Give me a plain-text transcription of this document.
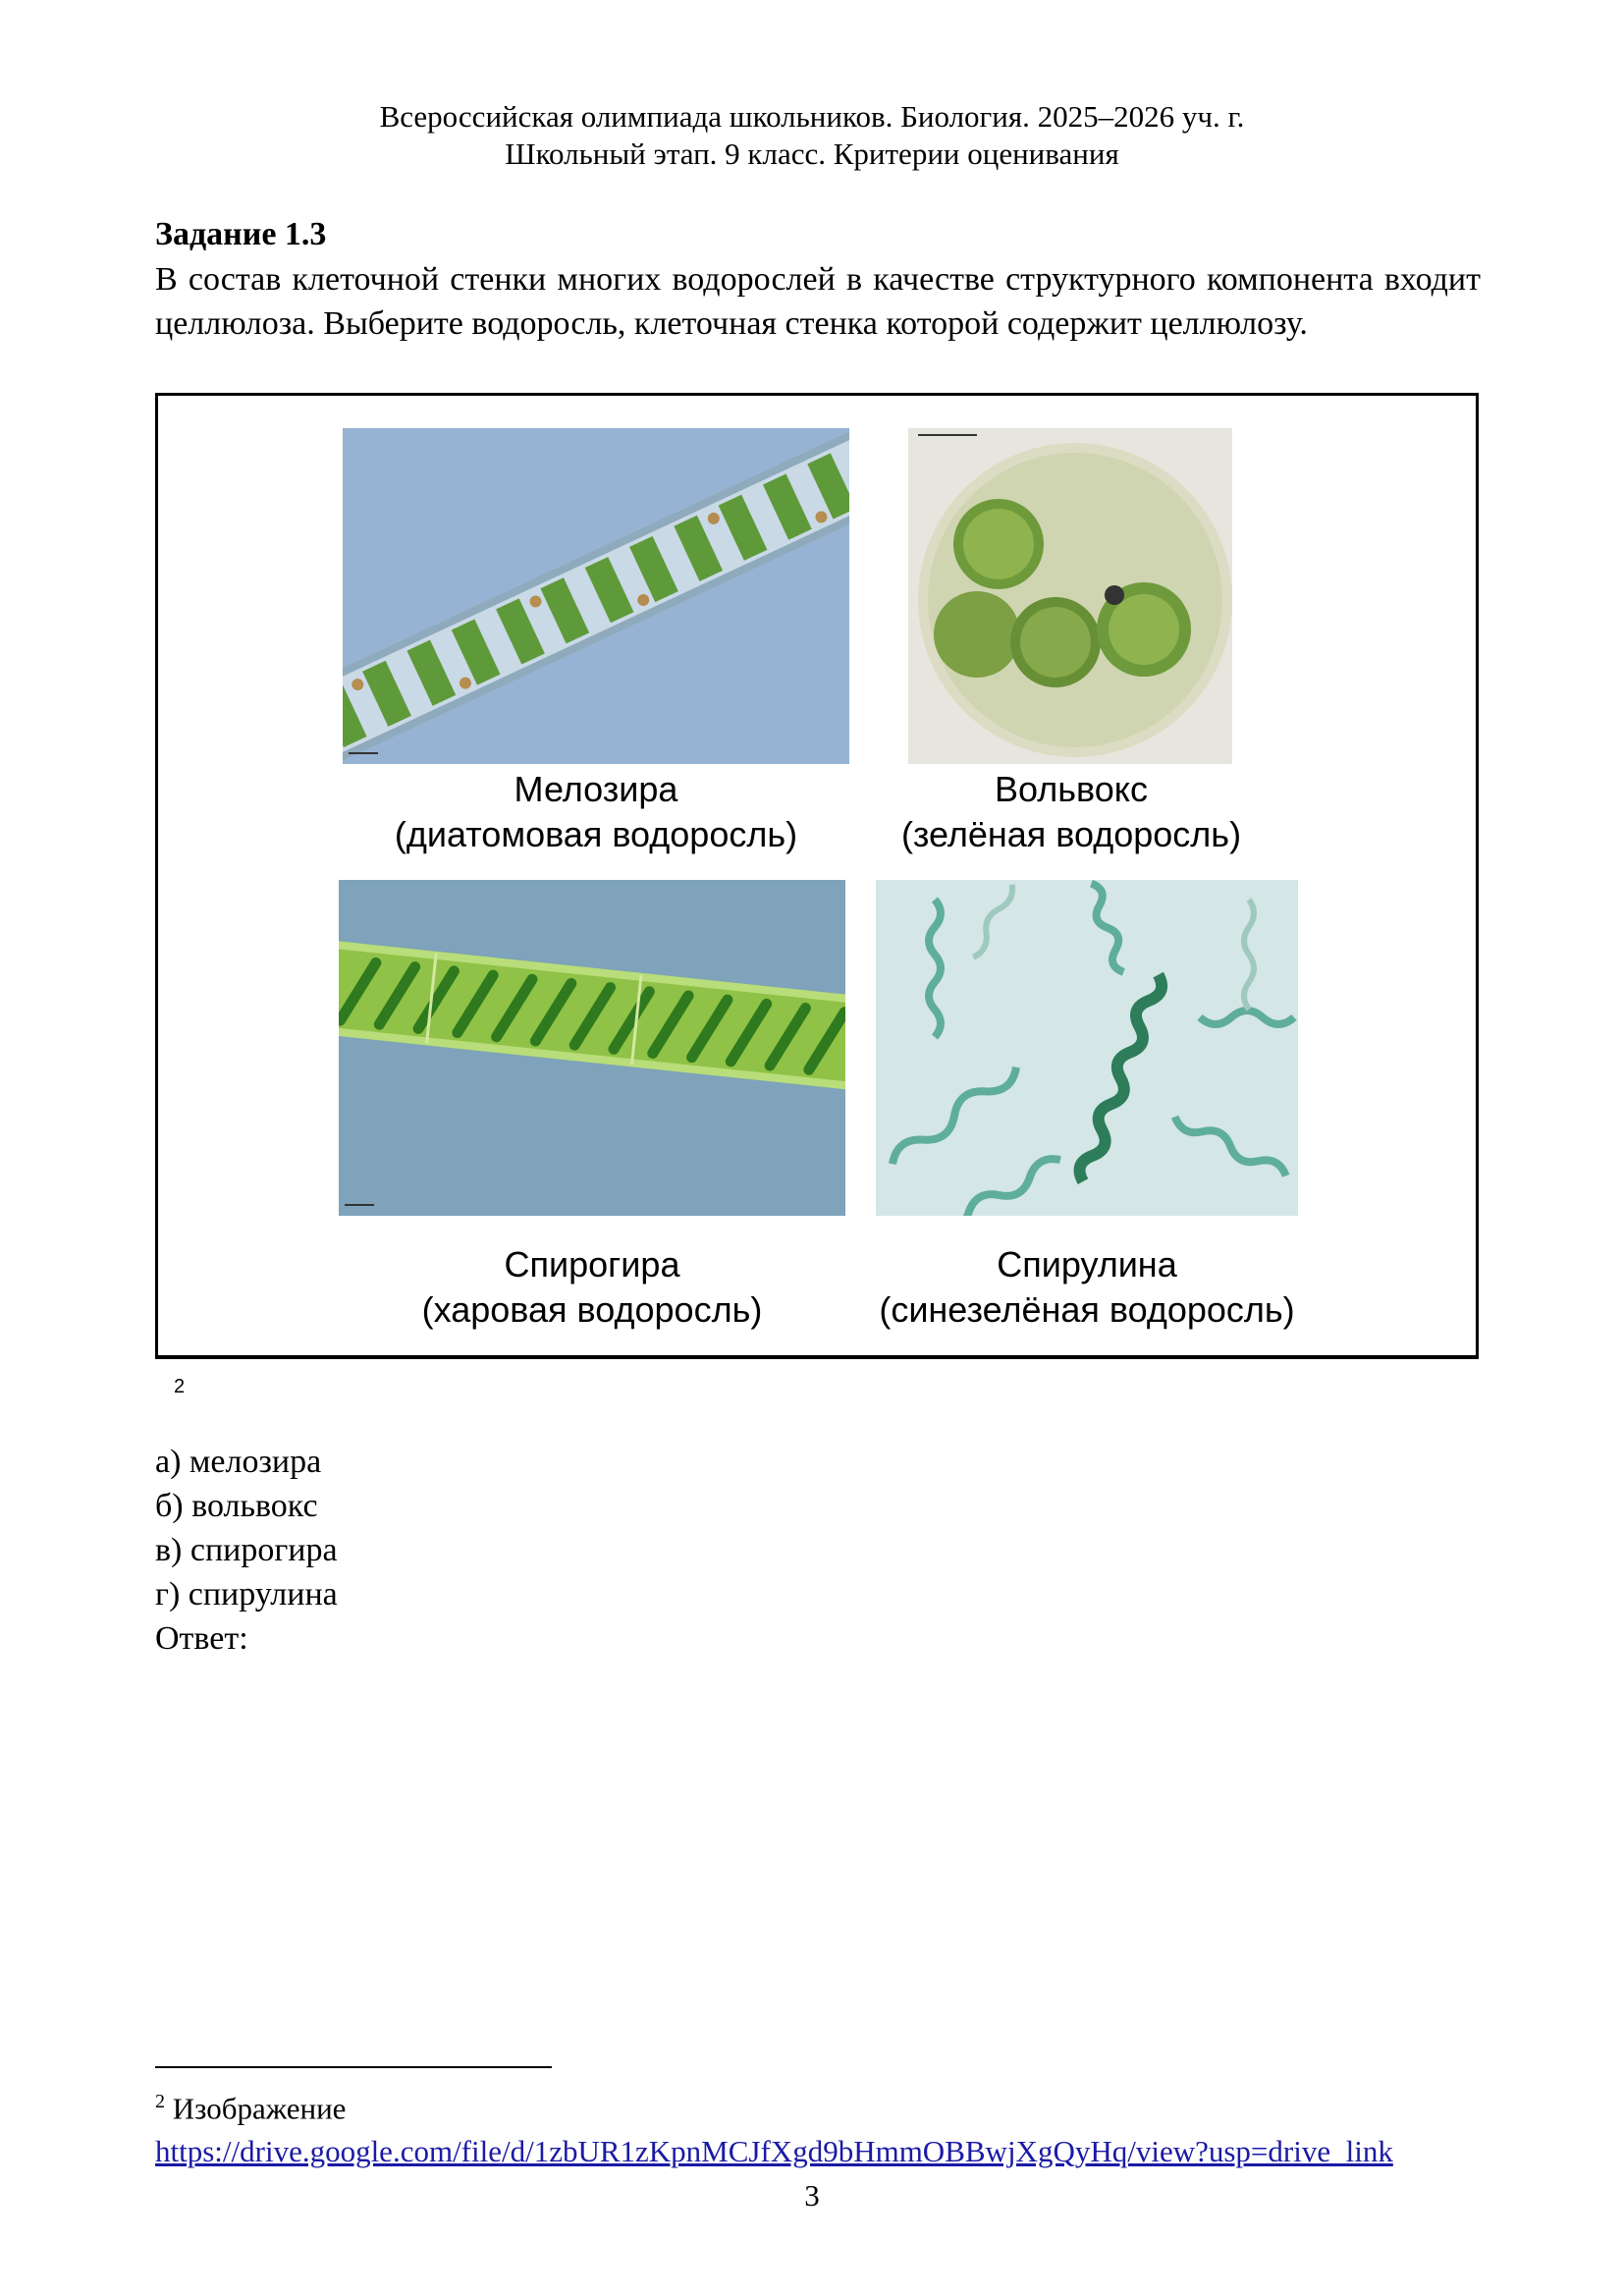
Всероссийская олимпиада школьников. Биология. 2025–2026 уч. г.
Школьный этап. 9 класс. Критерии оценивания
Задание 1.3
В состав клеточной стенки многих водорослей в качестве структурного компонента входит целлюлоза. Выберите водоросль, клеточная стенка которой содержит целлюлозу.
Мелозира
(диатомовая водоросль)
Вольвокс
(зелёная водоросль)
Спирогира
(харовая водоросль)
Спирулина
(синезелёная водоросль)
2
а) мелозира
б) вольвокс
в) спирогира
г) спирулина
Ответ:
$^2$ Изображение
https://drive.google.com/file/d/1zbUR1zKpnMCJfXgd9bHmmOBBwjXgQyHq/view?usp=drive_link
3
